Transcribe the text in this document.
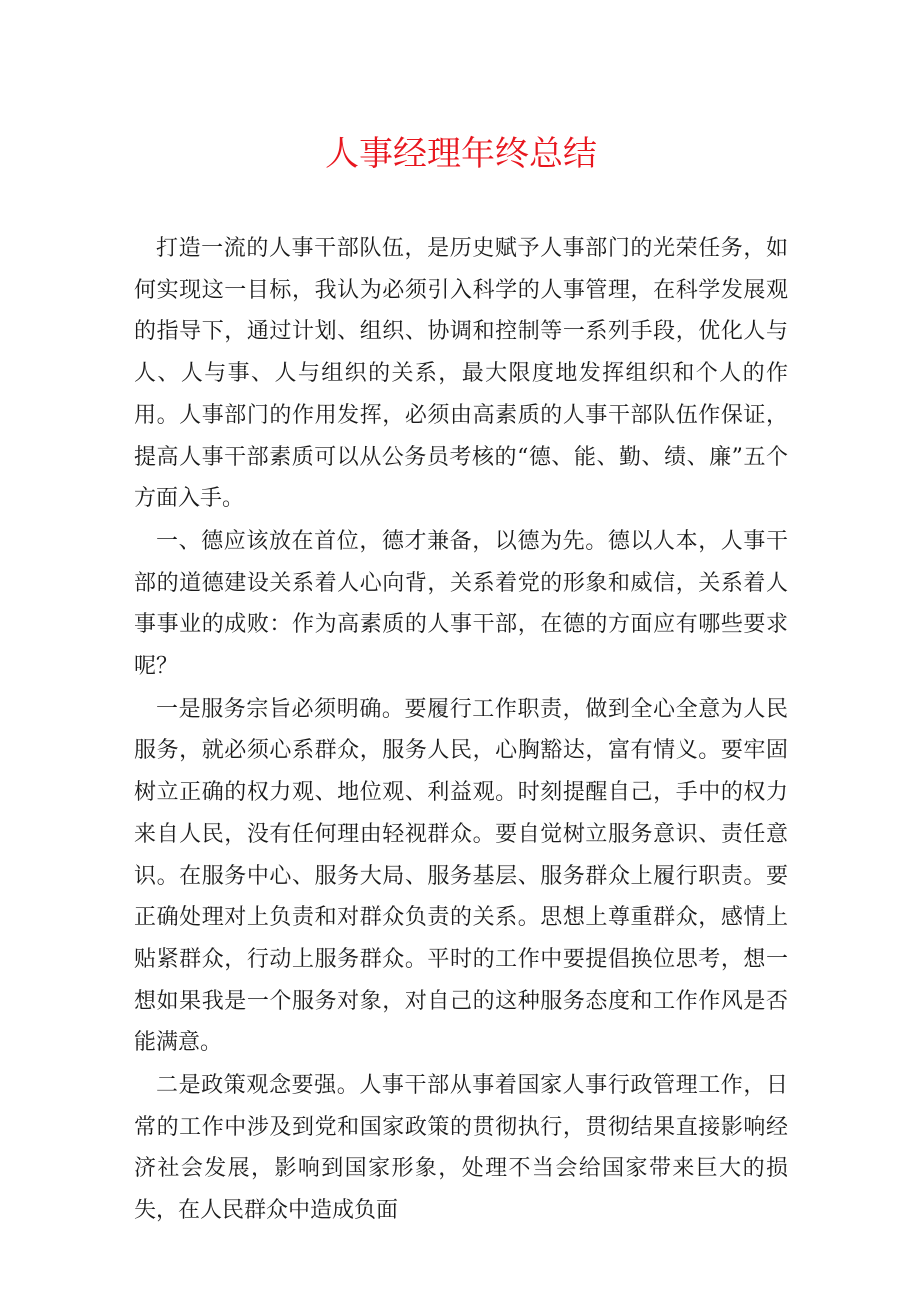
人事经理年终总结

打造一流的人事干部队伍，是历史赋予人事部门的光荣任务，如何实现这一目标，我认为必须引入科学的人事管理，在科学发展观的指导下，通过计划、组织、协调和控制等一系列手段，优化人与人、人与事、人与组织的关系，最大限度地发挥组织和个人的作用。人事部门的作用发挥，必须由高素质的人事干部队伍作保证，提高人事干部素质可以从公务员考核的“德、能、勤、绩、廉”五个方面入手。

一、德应该放在首位，德才兼备，以德为先。德以人本，人事干部的道德建设关系着人心向背，关系着党的形象和威信，关系着人事事业的成败：作为高素质的人事干部，在德的方面应有哪些要求呢？

一是服务宗旨必须明确。要履行工作职责，做到全心全意为人民服务，就必须心系群众，服务人民，心胸豁达，富有情义。要牢固树立正确的权力观、地位观、利益观。时刻提醒自己，手中的权力来自人民，没有任何理由轻视群众。要自觉树立服务意识、责任意识。在服务中心、服务大局、服务基层、服务群众上履行职责。要正确处理对上负责和对群众负责的关系。思想上尊重群众，感情上贴紧群众，行动上服务群众。平时的工作中要提倡换位思考，想一想如果我是一个服务对象，对自己的这种服务态度和工作作风是否能满意。

二是政策观念要强。人事干部从事着国家人事行政管理工作，日常的工作中涉及到党和国家政策的贯彻执行，贯彻结果直接影响经济社会发展，影响到国家形象，处理不当会给国家带来巨大的损失，在人民群众中造成负面
